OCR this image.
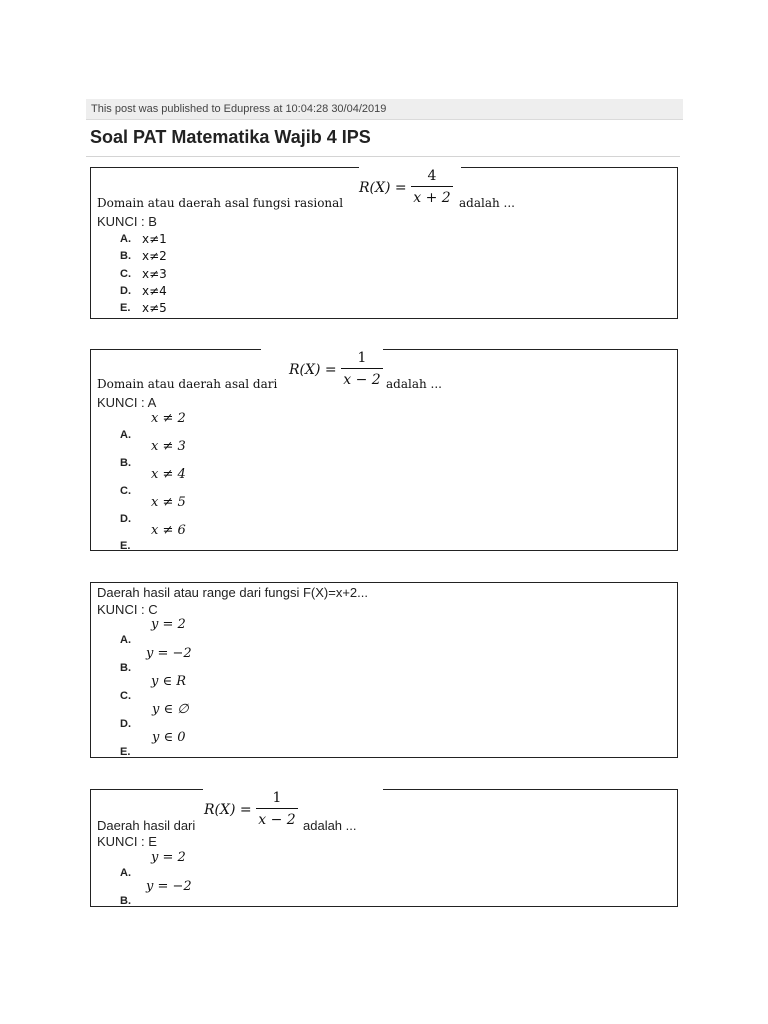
This post was published to Edupress at 10:04:28 30/04/2019
Soal PAT Matematika Wajib 4 IPS
Domain atau daerah asal fungsi rasional
R(X) =
4
x + 2 adalah ...
KUNCI : B
A. x≠1
B. x≠2
C. x≠3
D. x≠4
E. x≠5
Domain atau daerah asal dari
R(X) =
1
x − 2 adalah ...
KUNCI : A
x ≠ 2
A.
x ≠ 3
B.
x ≠ 4
C.
x ≠ 5
D.
x ≠ 6
E.
Daerah hasil atau range dari fungsi F(X)=x+2...
KUNCI : C
y = 2
A.
y = −2
B.
y ∈ R
C.
y ∈ ∅
D.
y ∈ 0
E.
Daerah hasil dari
R(X) =
1
x − 2 adalah ...
KUNCI : E
y = 2
A.
y = −2
B.
